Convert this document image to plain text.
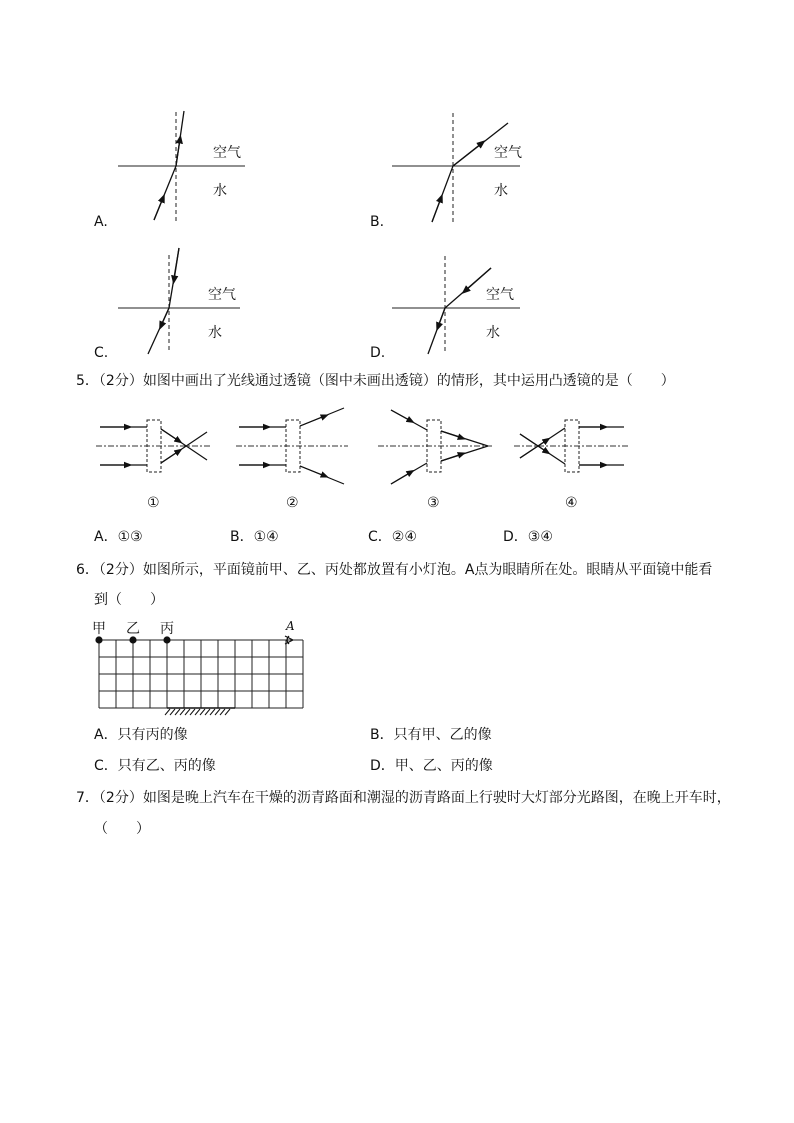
空气
水
A.
空气
水
B.
空气
水
C.
空气
水
D.
5．（2分）如图中画出了光线通过透镜（图中未画出透镜）的情形，其中运用凸透镜的是（　　）
①	②	③	④
A．①③	B．①④	C．②④	D．③④
6．（2分）如图所示，平面镜前甲、乙、丙处都放置有小灯泡。A点为眼睛所在处。眼睛从平面镜中能看
到（　　）
甲 乙 丙	A
A．只有丙的像	B．只有甲、乙的像
C．只有乙、丙的像	D．甲、乙、丙的像
7．（2分）如图是晚上汽车在干燥的沥青路面和潮湿的沥青路面上行驶时大灯部分光路图，在晚上开车时，
（　　）
